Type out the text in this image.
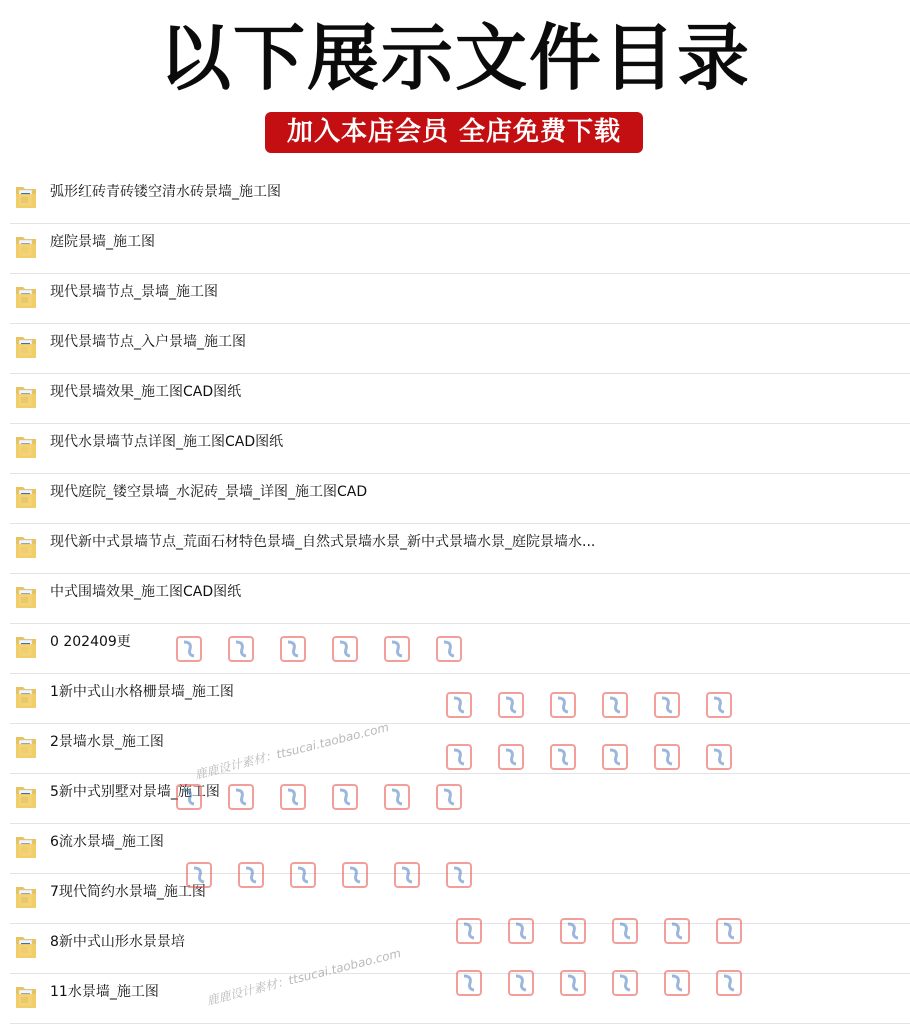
以下展示文件目录
加入本店会员 全店免费下载
弧形红砖青砖镂空清水砖景墙_施工图
庭院景墙_施工图
现代景墙节点_景墙_施工图
现代景墙节点_入户景墙_施工图
现代景墙效果_施工图CAD图纸
现代水景墙节点详图_施工图CAD图纸
现代庭院_镂空景墙_水泥砖_景墙_详图_施工图CAD
现代新中式景墙节点_荒面石材特色景墙_自然式景墙水景_新中式景墙水景_庭院景墙水...
中式围墙效果_施工图CAD图纸
0 202409更
1新中式山水格栅景墙_施工图
2景墙水景_施工图
5新中式别墅对景墙_施工图
6流水景墙_施工图
7现代简约水景墙_施工图
8新中式山形水景景培
11水景墙_施工图
鹿鹿设计素材：ttsucai.taobao.com
鹿鹿设计素材：ttsucai.taobao.com
